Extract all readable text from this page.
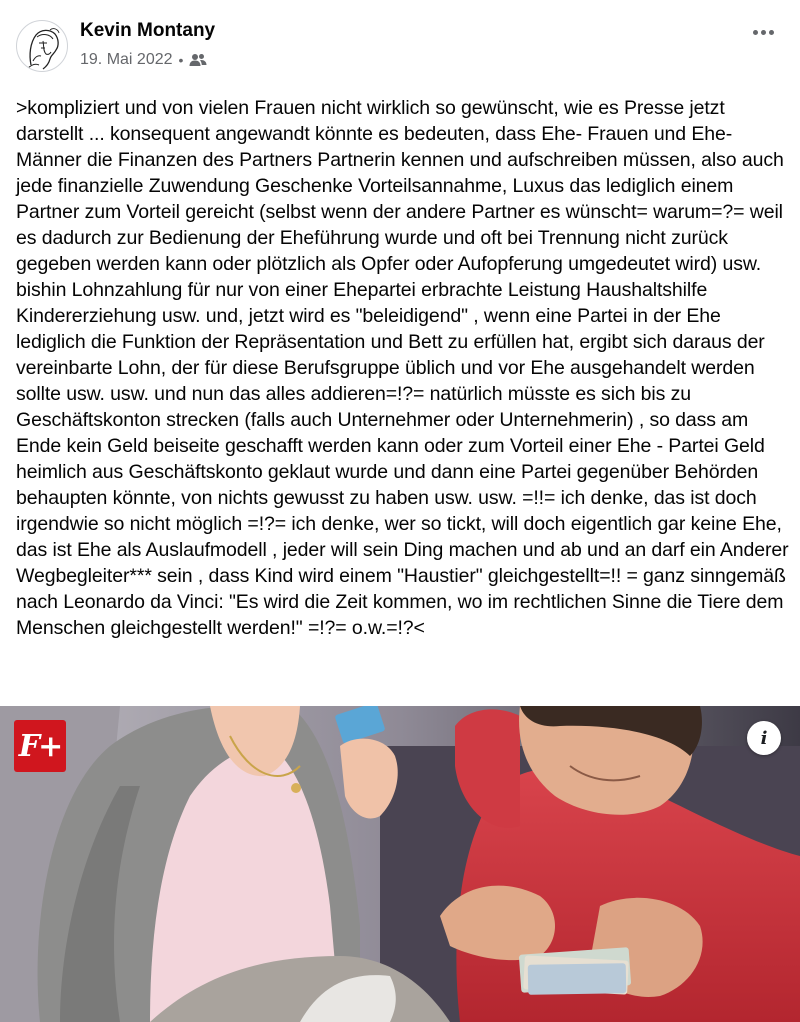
Kevin Montany
19. Mai 2022 •
>kompliziert und von vielen Frauen nicht wirklich so gewünscht, wie es Presse jetzt darstellt ... konsequent angewandt könnte es bedeuten, dass Ehe- Frauen und Ehe- Männer die Finanzen des Partners Partnerin kennen und aufschreiben müssen, also auch jede finanzielle Zuwendung Geschenke Vorteilsannahme, Luxus das lediglich einem Partner zum Vorteil gereicht (selbst wenn der andere Partner es wünscht= warum=?= weil es dadurch zur Bedienung der Eheführung wurde und oft bei Trennung nicht zurück gegeben werden kann oder plötzlich als Opfer oder Aufopferung umgedeutet wird) usw. bishin Lohnzahlung für nur von einer Ehepartei erbrachte Leistung Haushaltshilfe Kindererziehung usw. und, jetzt wird es "beleidigend" , wenn eine Partei in der Ehe lediglich die Funktion der Repräsentation und Bett zu erfüllen hat, ergibt sich daraus der vereinbarte Lohn, der für diese Berufsgruppe üblich und vor Ehe ausgehandelt werden sollte usw. usw. und nun das alles addieren=!?= natürlich müsste es sich bis zu Geschäftskonton strecken (falls auch Unternehmer oder Unternehmerin) , so dass am Ende kein Geld beiseite geschafft werden kann oder zum Vorteil einer Ehe - Partei Geld heimlich aus Geschäftskonto geklaut wurde und dann eine Partei gegenüber Behörden behaupten könnte, von nichts gewusst zu haben usw. usw. =!!= ich denke, das ist doch irgendwie so nicht möglich =!?= ich denke, wer so tickt, will doch eigentlich gar keine Ehe, das ist Ehe als Auslaufmodell , jeder will sein Ding machen und ab und an darf ein Anderer Wegbegleiter*** sein , dass Kind wird einem "Haustier" gleichgestellt=!! = ganz sinngemäß nach Leonardo da Vinci: "Es wird die Zeit kommen, wo im rechtlichen Sinne die Tiere dem Menschen gleichgestellt werden!" =!?= o.w.=!?<
F+	i
